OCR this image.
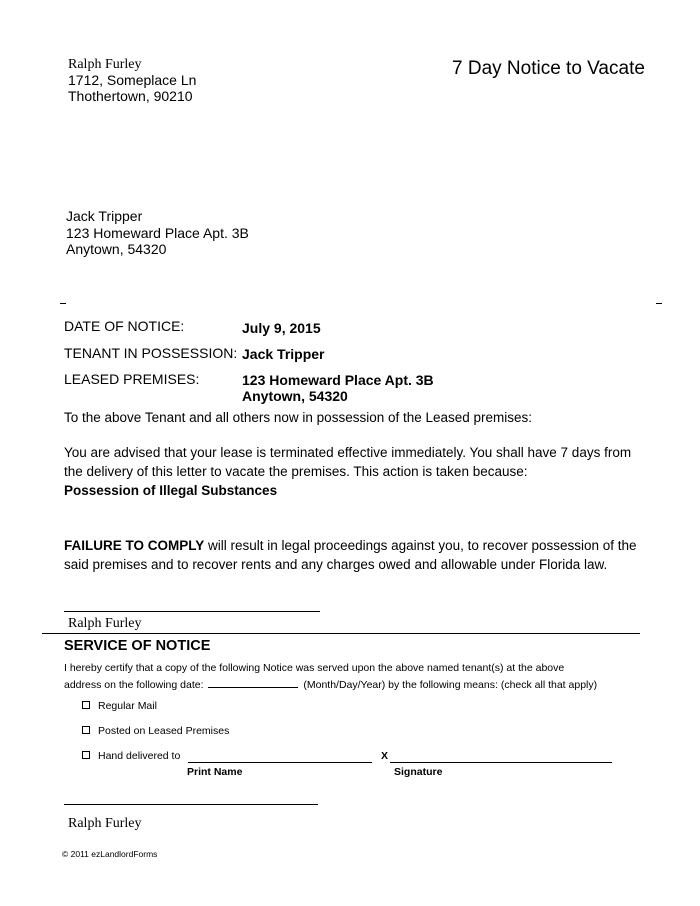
Ralph Furley
1712, Someplace Ln
Thothertown, 90210
7 Day Notice to Vacate
Jack Tripper
123 Homeward Place Apt. 3B
Anytown, 54320
DATE OF NOTICE:	July 9, 2015
TENANT IN POSSESSION: Jack Tripper
LEASED PREMISES:	123 Homeward Place Apt. 3B
Anytown, 54320
To the above Tenant and all others now in possession of the Leased premises:
You are advised that your lease is terminated effective immediately. You shall have 7 days from the delivery of this letter to vacate the premises. This action is taken because:
Possession of Illegal Substances
FAILURE TO COMPLY will result in legal proceedings against you, to recover possession of the said premises and to recover rents and any charges owed and allowable under Florida law.
Ralph Furley
SERVICE OF NOTICE
I hereby certify that a copy of the following Notice was served upon the above named tenant(s) at the above
address on the following date:	(Month/Day/Year) by the following means: (check all that apply)
Regular Mail
Posted on Leased Premises
Hand delivered to	X
Print Name	Signature
Ralph Furley
© 2011 ezLandlordForms
